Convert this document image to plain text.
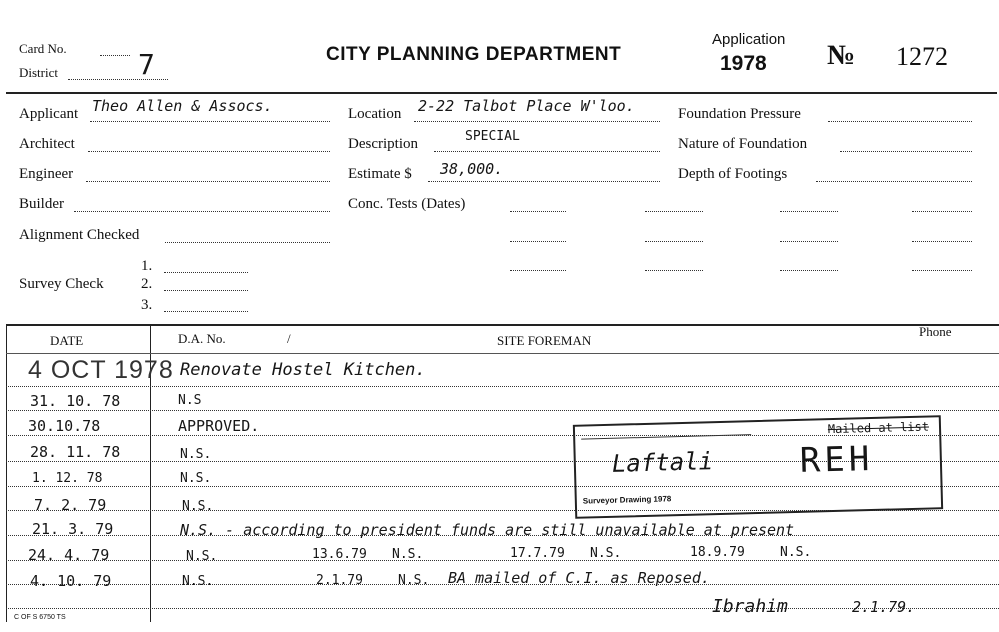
Card No.
District	7	CITY PLANNING DEPARTMENT
Application
1978 № 1272
Applicant Theo Allen & Assocs.
Architect
Engineer
Builder
Alignment Checked
1.
Survey Check 2.
3.
Location 2-22 Talbot Place W'loo.
Description	SPECIAL
Estimate $ 38,000.
Conc. Tests (Dates)
Foundation Pressure
Nature of Foundation
Depth of Footings
DATE	D.A. No.	/	SITE FOREMAN
Phone
4 OCT 1978 Renovate Hostel Kitchen.
31. 10. 78	N.S
30.10.78	APPROVED.
28. 11. 78	N.S.
1. 12. 78	N.S.
7. 2. 79	N.S.
21. 3. 79	N.S. - according to president funds are still unavailable at present
24. 4. 79	N.S.	13.6.79 N.S.	17.7.79 N.S.	18.9.79	N.S.
4. 10. 79	N.S.	2.1.79	N.S. BA mailed of C.I. as Reposed.
Mailed at list
Laftali	REH
Surveyor Drawing 1978
C OF S 6750 TS
Ibrahim	2.1.79.
